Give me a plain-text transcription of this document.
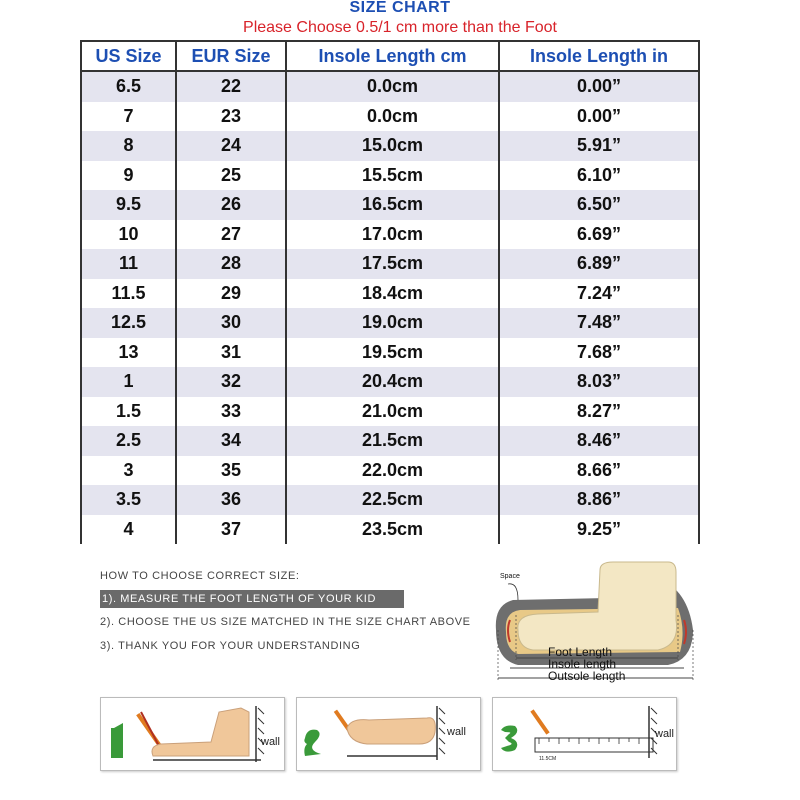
SIZE CHART
Please Choose 0.5/1 cm more than the Foot
US Size	EUR Size	Insole Length cm	Insole Length in
6.5	22	0.0cm	0.00”
7	23	0.0cm	0.00”
8	24	15.0cm	5.91”
9	25	15.5cm	6.10”
9.5	26	16.5cm	6.50”
10	27	17.0cm	6.69”
11	28	17.5cm	6.89”
11.5	29	18.4cm	7.24”
12.5	30	19.0cm	7.48”
13	31	19.5cm	7.68”
1	32	20.4cm	8.03”
1.5	33	21.0cm	8.27”
2.5	34	21.5cm	8.46”
3	35	22.0cm	8.66”
3.5	36	22.5cm	8.86”
4	37	23.5cm	9.25”
HOW TO CHOOSE CORRECT SIZE:
1). MEASURE THE FOOT LENGTH OF YOUR KID
2). CHOOSE THE US SIZE MATCHED IN THE SIZE CHART ABOVE
3). THANK YOU FOR YOUR UNDERSTANDING
Space
Foot Length
Insole length
Outsole length
wall
wall	wall
11.5CM
